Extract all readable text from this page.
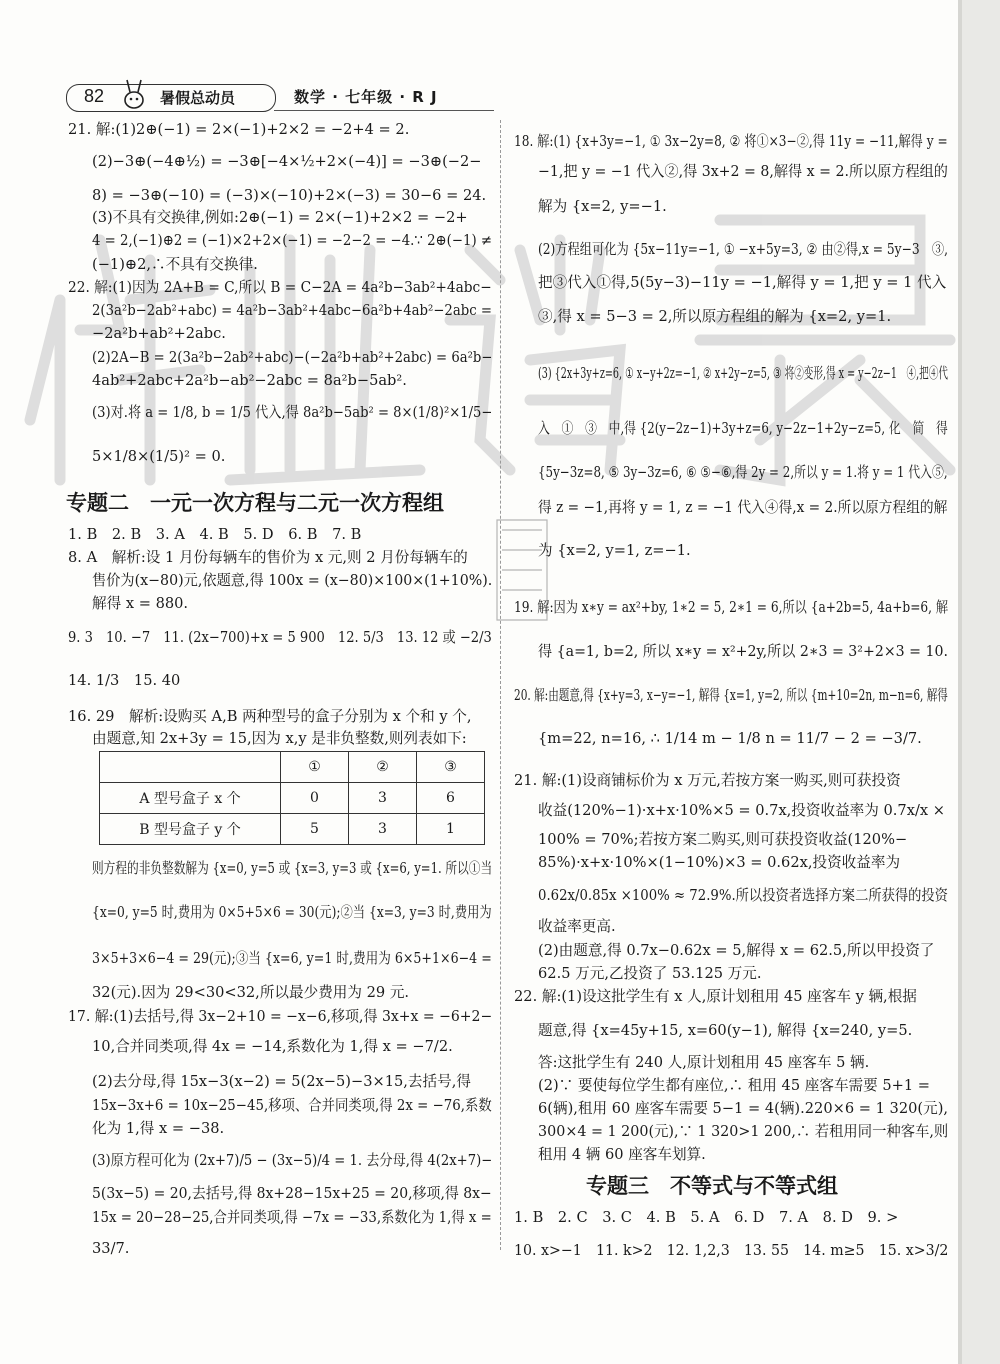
82	暑假总动员	数学 · 七年级 · R J
21. 解:(1)2⊕(−1) = 2×(−1)+2×2 = −2+4 = 2.
(2)−3⊕(−4⊕½) = −3⊕[−4×½+2×(−4)] = −3⊕(−2−
8) = −3⊕(−10) = (−3)×(−10)+2×(−3) = 30−6 = 24.
(3)不具有交换律,例如:2⊕(−1) = 2×(−1)+2×2 = −2+
4 = 2,(−1)⊕2 = (−1)×2+2×(−1) = −2−2 = −4.∵ 2⊕(−1) ≠
(−1)⊕2,∴不具有交换律.
22. 解:(1)因为 2A+B = C,所以 B = C−2A = 4a²b−3ab²+4abc−
2(3a²b−2ab²+abc) = 4a²b−3ab²+4abc−6a²b+4ab²−2abc =
−2a²b+ab²+2abc.
(2)2A−B = 2(3a²b−2ab²+abc)−(−2a²b+ab²+2abc) = 6a²b−
4ab²+2abc+2a²b−ab²−2abc = 8a²b−5ab².
(3)对.将 a = 1/8, b = 1/5 代入,得 8a²b−5ab² = 8×(1/8)²×1/5−
5×1/8×(1/5)² = 0.
专题二　一元一次方程与二元一次方程组
1. B　2. B　3. A　4. B　5. D　6. B　7. B
8. A　解析:设 1 月份每辆车的售价为 x 元,则 2 月份每辆车的
售价为(x−80)元,依题意,得 100x = (x−80)×100×(1+10%).
解得 x = 880.
9. 3　10. −7　11. (2x−700)+x = 5 900　12. 5/3　13. 12 或 −2/3
14. 1/3　15. 40
16. 29　解析:设购买 A,B 两种型号的盒子分别为 x 个和 y 个,
由题意,知 2x+3y = 15,因为 x,y 是非负整数,则列表如下:
	①	②	③
A 型号盒子 x 个	0	3	6
B 型号盒子 y 个	5	3	1
则方程的非负整数解为 {x=0, y=5 或 {x=3, y=3 或 {x=6, y=1. 所以①当
{x=0, y=5 时,费用为 0×5+5×6 = 30(元);②当 {x=3, y=3 时,费用为
3×5+3×6−4 = 29(元);③当 {x=6, y=1 时,费用为 6×5+1×6−4 =
32(元).因为 29<30<32,所以最少费用为 29 元.
17. 解:(1)去括号,得 3x−2+10 = −x−6,移项,得 3x+x = −6+2−
10,合并同类项,得 4x = −14,系数化为 1,得 x = −7/2.
(2)去分母,得 15x−3(x−2) = 5(2x−5)−3×15,去括号,得
15x−3x+6 = 10x−25−45,移项、合并同类项,得 2x = −76,系数
化为 1,得 x = −38.
(3)原方程可化为 (2x+7)/5 − (3x−5)/4 = 1. 去分母,得 4(2x+7)−
5(3x−5) = 20,去括号,得 8x+28−15x+25 = 20,移项,得 8x−
15x = 20−28−25,合并同类项,得 −7x = −33,系数化为 1,得 x =
33/7.
18. 解:(1) {x+3y=−1, ① 3x−2y=8, ② 将①×3−②,得 11y = −11,解得 y =
−1,把 y = −1 代入②,得 3x+2 = 8,解得 x = 2.所以原方程组的
解为 {x=2, y=−1.
(2)方程组可化为 {5x−11y=−1, ① −x+5y=3, ② 由②得,x = 5y−3　③,
把③代入①得,5(5y−3)−11y = −1,解得 y = 1,把 y = 1 代入
③,得 x = 5−3 = 2,所以原方程组的解为 {x=2, y=1.
(3) {2x+3y+z=6, ① x−y+2z=−1, ② x+2y−z=5, ③ 将②变形,得 x = y−2z−1　④,把④代
入　①　③　中,得 {2(y−2z−1)+3y+z=6, y−2z−1+2y−z=5, 化　简　得
{5y−3z=8, ⑤ 3y−3z=6, ⑥ ⑤−⑥,得 2y = 2,所以 y = 1.将 y = 1 代入⑤,
得 z = −1,再将 y = 1, z = −1 代入④得,x = 2.所以原方程组的解
为 {x=2, y=1, z=−1.
19. 解:因为 x∗y = ax²+by, 1∗2 = 5, 2∗1 = 6,所以 {a+2b=5, 4a+b=6, 解
得 {a=1, b=2, 所以 x∗y = x²+2y,所以 2∗3 = 3²+2×3 = 10.
20. 解:由题意,得 {x+y=3, x−y=−1, 解得 {x=1, y=2, 所以 {m+10=2n, m−n=6, 解得
{m=22, n=16, ∴ 1/14 m − 1/8 n = 11/7 − 2 = −3/7.
21. 解:(1)设商铺标价为 x 万元,若按方案一购买,则可获投资
收益(120%−1)·x+x·10%×5 = 0.7x,投资收益率为 0.7x/x ×
100% = 70%;若按方案二购买,则可获投资收益(120%−
85%)·x+x·10%×(1−10%)×3 = 0.62x,投资收益率为
0.62x/0.85x ×100% ≈ 72.9%.所以投资者选择方案二所获得的投资
收益率更高.
(2)由题意,得 0.7x−0.62x = 5,解得 x = 62.5,所以甲投资了
62.5 万元,乙投资了 53.125 万元.
22. 解:(1)设这批学生有 x 人,原计划租用 45 座客车 y 辆,根据
题意,得 {x=45y+15, x=60(y−1), 解得 {x=240, y=5.
答:这批学生有 240 人,原计划租用 45 座客车 5 辆.
(2)∵ 要使每位学生都有座位,∴ 租用 45 座客车需要 5+1 =
6(辆),租用 60 座客车需要 5−1 = 4(辆).220×6 = 1 320(元),
300×4 = 1 200(元),∵ 1 320>1 200,∴ 若租用同一种客车,则
租用 4 辆 60 座客车划算.
专题三　不等式与不等式组
1. B　2. C　3. C　4. B　5. A　6. D　7. A　8. D　9. >
10. x>−1　11. k>2　12. 1,2,3　13. 55　14. m≥5　15. x>3/2
